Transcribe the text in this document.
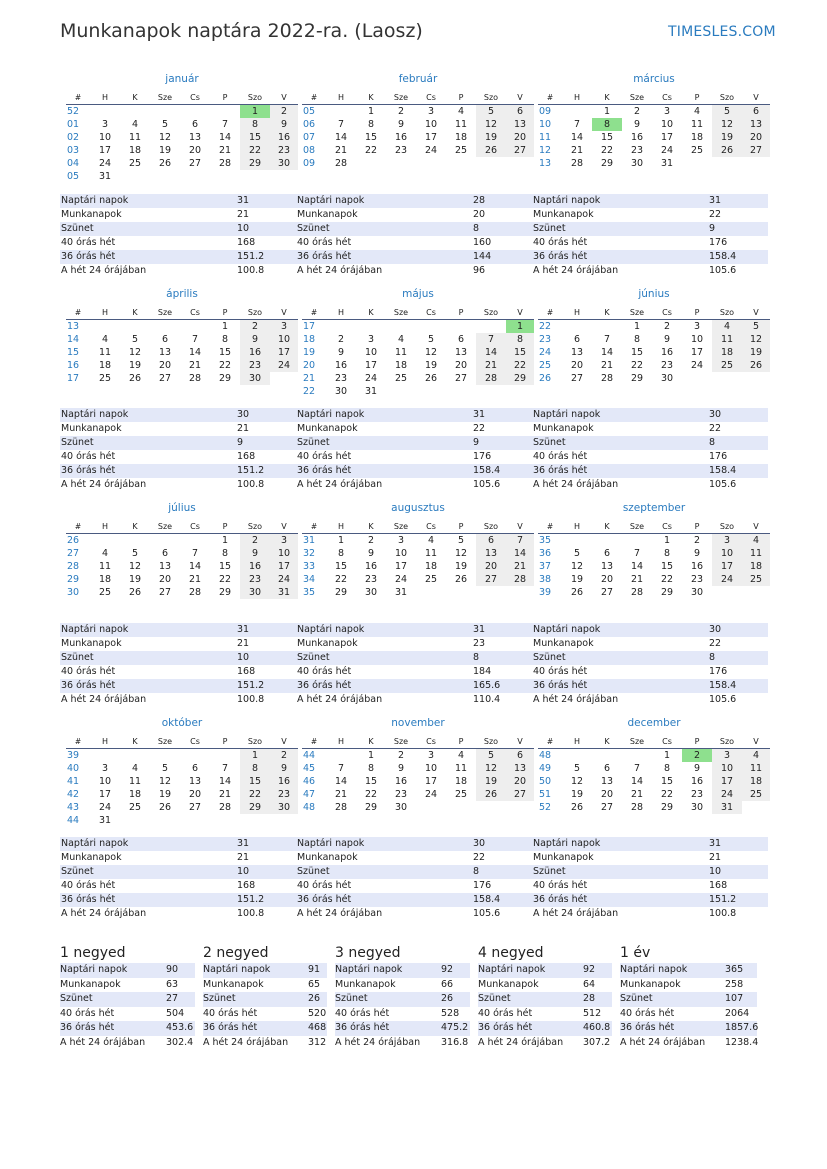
Munkanapok naptára 2022-ra. (Laosz)	TIMESLES.COM
január
#	H	K	Sze	Cs	P	Szo	V
52						1	2
01	3	4	5	6	7	8	9
02	10	11	12	13	14	15	16
03	17	18	19	20	21	22	23
04	24	25	26	27	28	29	30
05	31						
Naptári napok	31
Munkanapok	21
Szünet	10
40 órás hét	168
36 órás hét	151.2
A hét 24 órájában	100.8
február
#	H	K	Sze	Cs	P	Szo	V
05		1	2	3	4	5	6
06	7	8	9	10	11	12	13
07	14	15	16	17	18	19	20
08	21	22	23	24	25	26	27
09	28						
Naptári napok	28
Munkanapok	20
Szünet	8
40 órás hét	160
36 órás hét	144
A hét 24 órájában	96
március
#	H	K	Sze	Cs	P	Szo	V
09		1	2	3	4	5	6
10	7	8	9	10	11	12	13
11	14	15	16	17	18	19	20
12	21	22	23	24	25	26	27
13	28	29	30	31			
Naptári napok	31
Munkanapok	22
Szünet	9
40 órás hét	176
36 órás hét	158.4
A hét 24 órájában	105.6
április
#	H	K	Sze	Cs	P	Szo	V
13					1	2	3
14	4	5	6	7	8	9	10
15	11	12	13	14	15	16	17
16	18	19	20	21	22	23	24
17	25	26	27	28	29	30	
Naptári napok	30
Munkanapok	21
Szünet	9
40 órás hét	168
36 órás hét	151.2
A hét 24 órájában	100.8
május
#	H	K	Sze	Cs	P	Szo	V
17							1
18	2	3	4	5	6	7	8
19	9	10	11	12	13	14	15
20	16	17	18	19	20	21	22
21	23	24	25	26	27	28	29
22	30	31					
Naptári napok	31
Munkanapok	22
Szünet	9
40 órás hét	176
36 órás hét	158.4
A hét 24 órájában	105.6
június
#	H	K	Sze	Cs	P	Szo	V
22			1	2	3	4	5
23	6	7	8	9	10	11	12
24	13	14	15	16	17	18	19
25	20	21	22	23	24	25	26
26	27	28	29	30			
Naptári napok	30
Munkanapok	22
Szünet	8
40 órás hét	176
36 órás hét	158.4
A hét 24 órájában	105.6
július
#	H	K	Sze	Cs	P	Szo	V
26					1	2	3
27	4	5	6	7	8	9	10
28	11	12	13	14	15	16	17
29	18	19	20	21	22	23	24
30	25	26	27	28	29	30	31
Naptári napok	31
Munkanapok	21
Szünet	10
40 órás hét	168
36 órás hét	151.2
A hét 24 órájában	100.8
augusztus
#	H	K	Sze	Cs	P	Szo	V
31	1	2	3	4	5	6	7
32	8	9	10	11	12	13	14
33	15	16	17	18	19	20	21
34	22	23	24	25	26	27	28
35	29	30	31				
Naptári napok	31
Munkanapok	23
Szünet	8
40 órás hét	184
36 órás hét	165.6
A hét 24 órájában	110.4
szeptember
#	H	K	Sze	Cs	P	Szo	V
35				1	2	3	4
36	5	6	7	8	9	10	11
37	12	13	14	15	16	17	18
38	19	20	21	22	23	24	25
39	26	27	28	29	30		
Naptári napok	30
Munkanapok	22
Szünet	8
40 órás hét	176
36 órás hét	158.4
A hét 24 órájában	105.6
október
#	H	K	Sze	Cs	P	Szo	V
39						1	2
40	3	4	5	6	7	8	9
41	10	11	12	13	14	15	16
42	17	18	19	20	21	22	23
43	24	25	26	27	28	29	30
44	31						
Naptári napok	31
Munkanapok	21
Szünet	10
40 órás hét	168
36 órás hét	151.2
A hét 24 órájában	100.8
november
#	H	K	Sze	Cs	P	Szo	V
44		1	2	3	4	5	6
45	7	8	9	10	11	12	13
46	14	15	16	17	18	19	20
47	21	22	23	24	25	26	27
48	28	29	30				
Naptári napok	30
Munkanapok	22
Szünet	8
40 órás hét	176
36 órás hét	158.4
A hét 24 órájában	105.6
december
#	H	K	Sze	Cs	P	Szo	V
48				1	2	3	4
49	5	6	7	8	9	10	11
50	12	13	14	15	16	17	18
51	19	20	21	22	23	24	25
52	26	27	28	29	30	31	
Naptári napok	31
Munkanapok	21
Szünet	10
40 órás hét	168
36 órás hét	151.2
A hét 24 órájában	100.8
1 negyed
Naptári napok	90
Munkanapok	63
Szünet	27
40 órás hét	504
36 órás hét	453.6
A hét 24 órájában 302.4
2 negyed
Naptári napok	91
Munkanapok	65
Szünet	26
40 órás hét	520
36 órás hét	468
A hét 24 órájában 312
3 negyed
Naptári napok	92
Munkanapok	66
Szünet	26
40 órás hét	528
36 órás hét	475.2
A hét 24 órájában 316.8
4 negyed
Naptári napok	92
Munkanapok	64
Szünet	28
40 órás hét	512
36 órás hét	460.8
A hét 24 órájában 307.2
1 év
Naptári napok	365
Munkanapok	258
Szünet	107
40 órás hét	2064
36 órás hét	1857.6
A hét 24 órájában 1238.4
